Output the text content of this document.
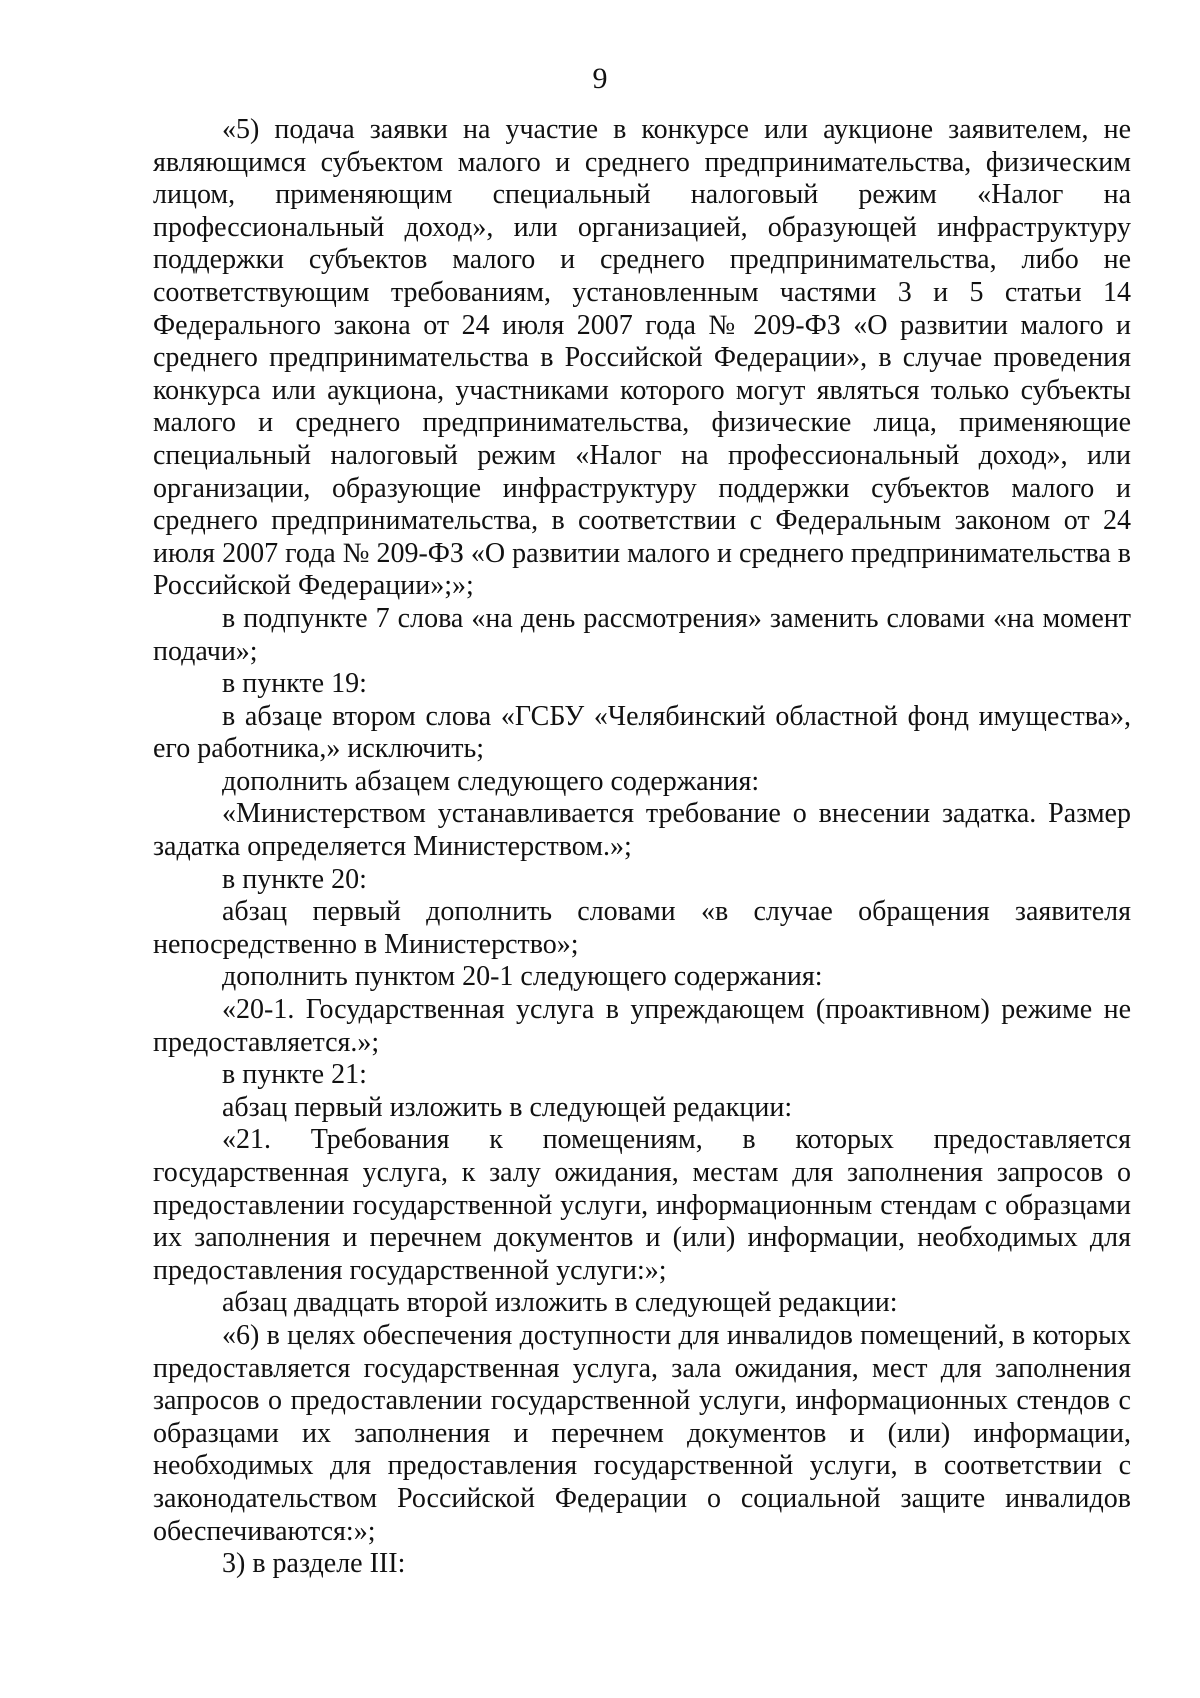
9

«5) подача заявки на участие в конкурсе или аукционе заявителем, не являющимся субъектом малого и среднего предпринимательства, физическим лицом, применяющим специальный налоговый режим «Налог на профессиональный доход», или организацией, образующей инфраструктуру поддержки субъектов малого и среднего предпринимательства, либо не соответствующим требованиям, установленным частями 3 и 5 статьи 14 Федерального закона от 24 июля 2007 года № 209-ФЗ «О развитии малого и среднего предпринимательства в Российской Федерации», в случае проведения конкурса или аукциона, участниками которого могут являться только субъекты малого и среднего предпринимательства, физические лица, применяющие специальный налоговый режим «Налог на профессиональный доход», или организации, образующие инфраструктуру поддержки субъектов малого и среднего предпринимательства, в соответствии с Федеральным законом от 24 июля 2007 года № 209-ФЗ «О развитии малого и среднего предпринимательства в Российской Федерации»;»;

в подпункте 7 слова «на день рассмотрения» заменить словами «на момент подачи»;

в пункте 19:

в абзаце втором слова «ГСБУ «Челябинский областной фонд имущества», его работника,» исключить;

дополнить абзацем следующего содержания:

«Министерством устанавливается требование о внесении задатка. Размер задатка определяется Министерством.»;

в пункте 20:

абзац первый дополнить словами «в случае обращения заявителя непосредственно в Министерство»;

дополнить пунктом 20-1 следующего содержания:

«20-1. Государственная услуга в упреждающем (проактивном) режиме не предоставляется.»;

в пункте 21:

абзац первый изложить в следующей редакции:

«21. Требования к помещениям, в которых предоставляется государственная услуга, к залу ожидания, местам для заполнения запросов о предоставлении государственной услуги, информационным стендам с образцами их заполнения и перечнем документов и (или) информации, необходимых для предоставления государственной услуги:»;

абзац двадцать второй изложить в следующей редакции:

«6) в целях обеспечения доступности для инвалидов помещений, в которых предоставляется государственная услуга, зала ожидания, мест для заполнения запросов о предоставлении государственной услуги, информационных стендов с образцами их заполнения и перечнем документов и (или) информации, необходимых для предоставления государственной услуги, в соответствии с законодательством Российской Федерации о социальной защите инвалидов обеспечиваются:»;

3) в разделе III:
